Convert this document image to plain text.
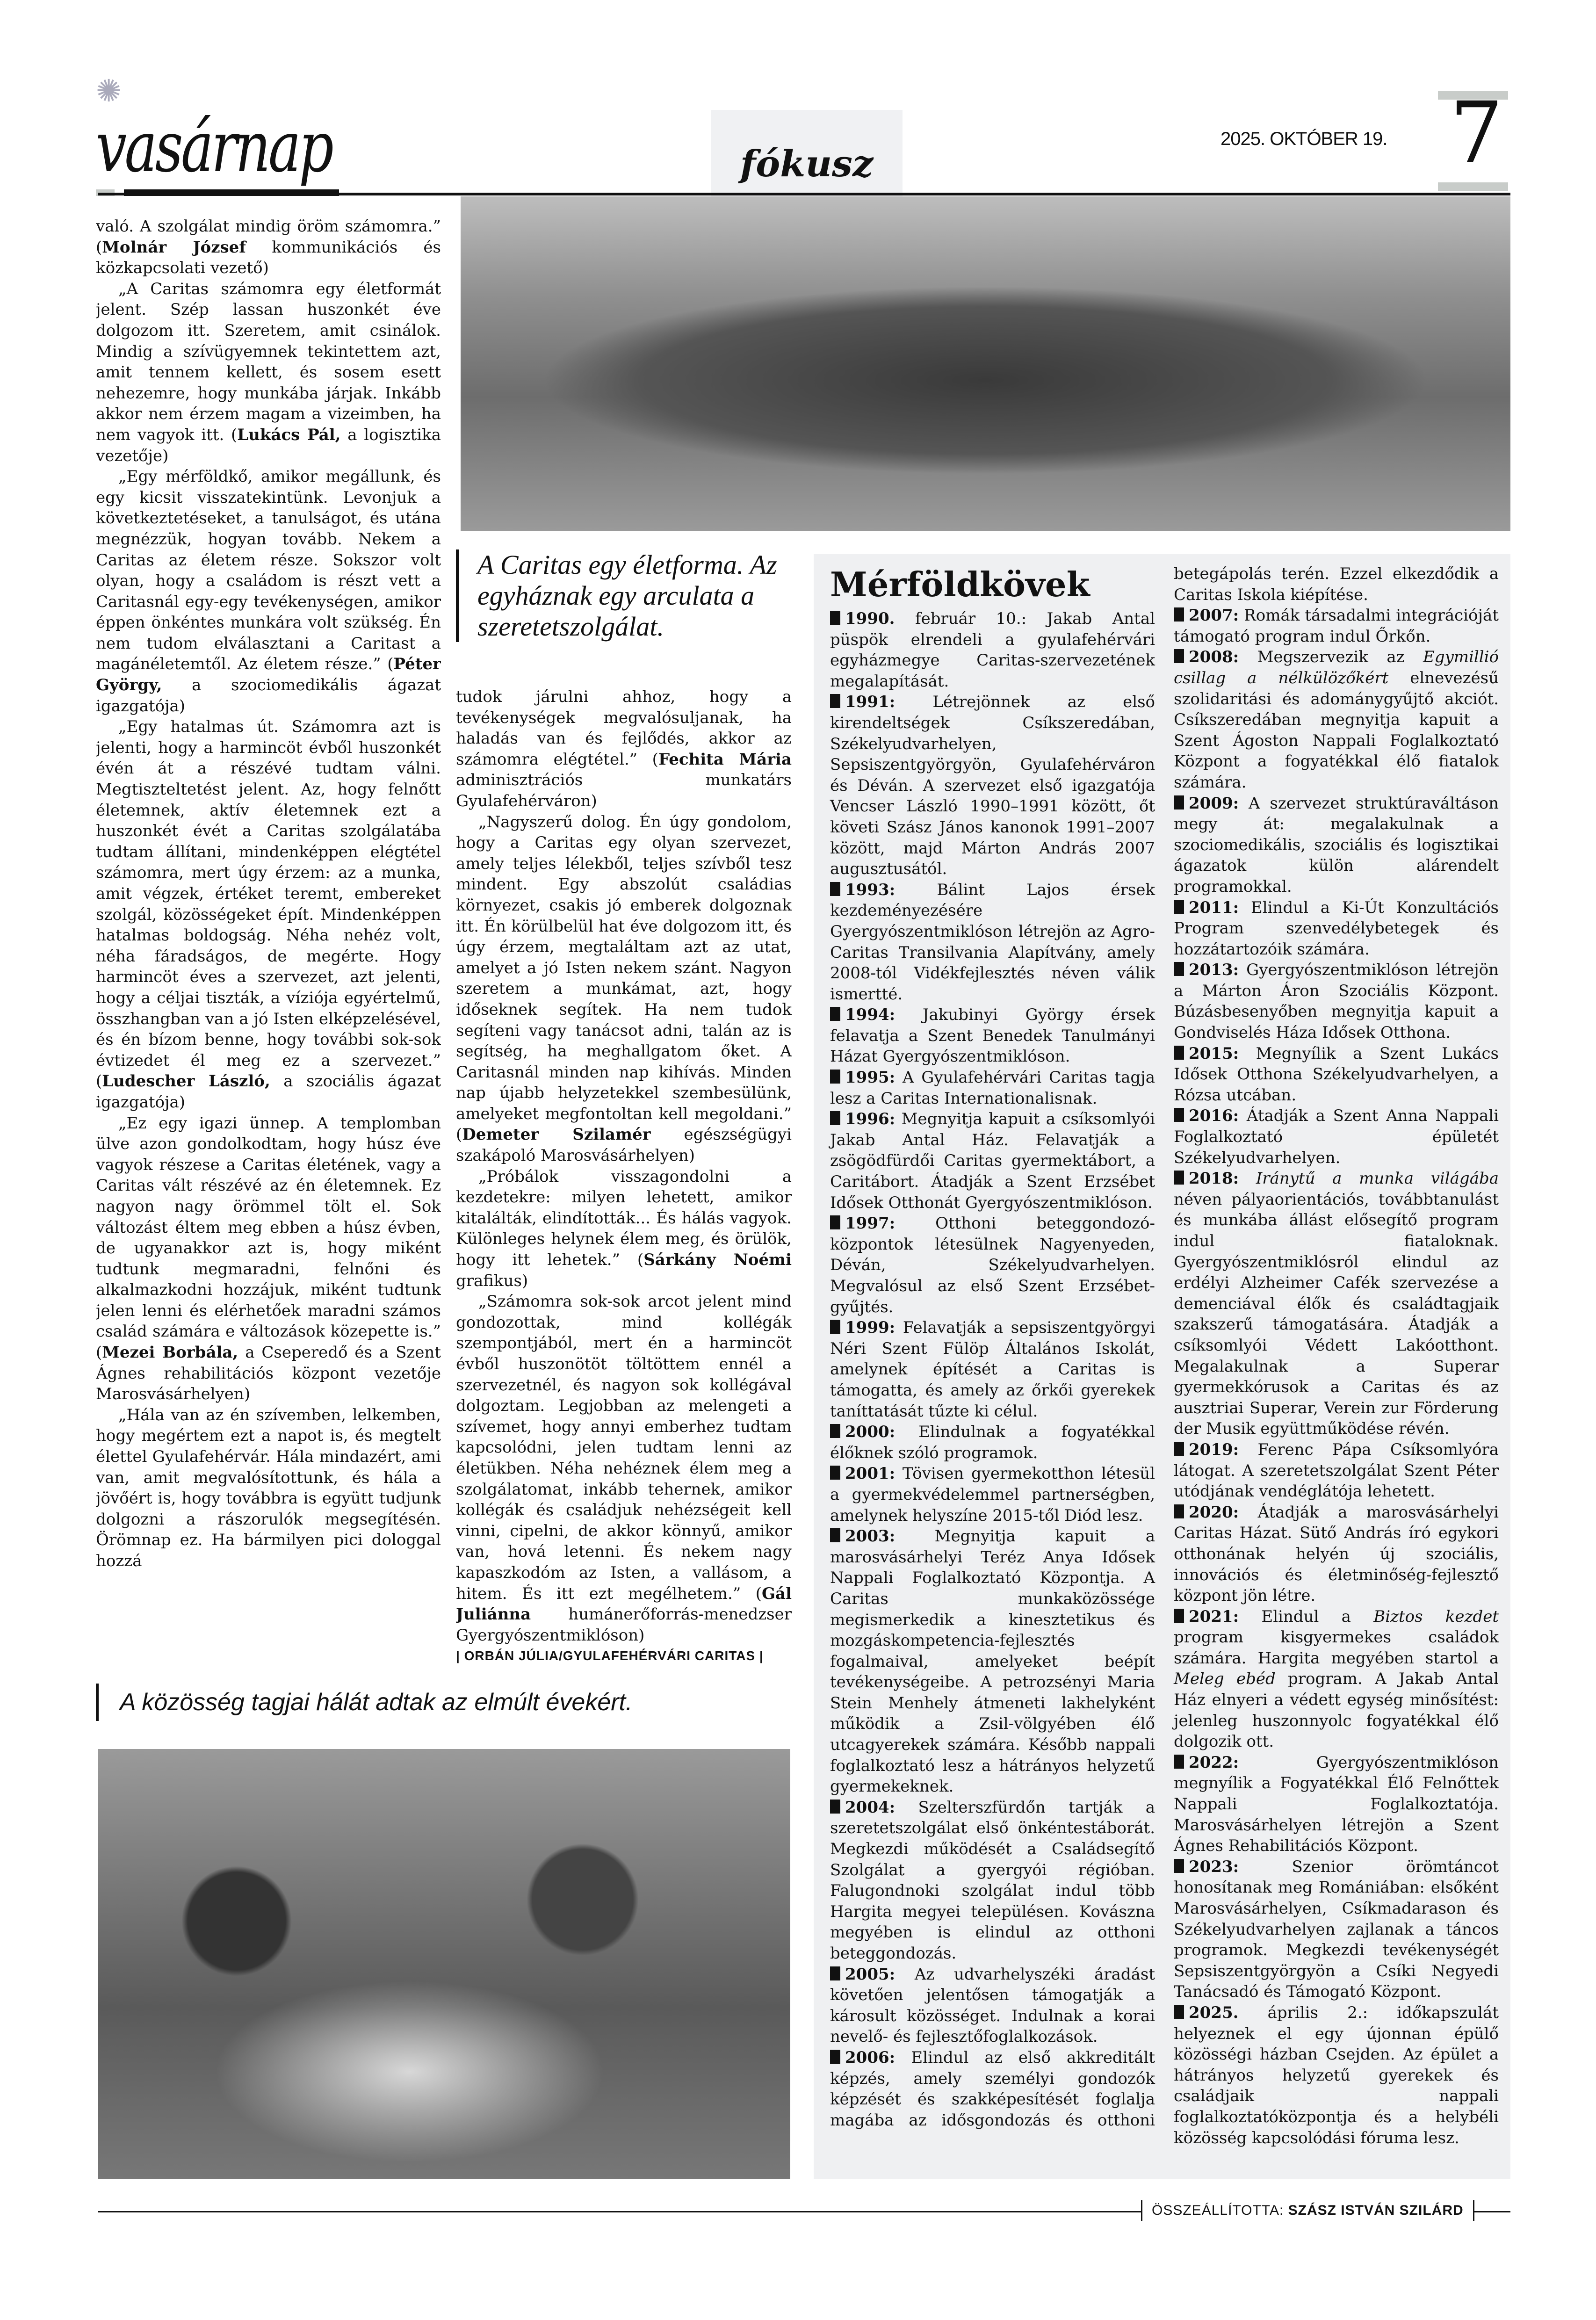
✺
vasárnap	fókusz
2025. OKTÓBER 19. 7

való. A szolgálat mindig öröm számomra.” (Molnár József kommunikációs és közkapcsolati vezető)

„A Caritas számomra egy életformát jelent. Szép lassan huszonkét éve dolgozom itt. Szeretem, amit csinálok. Mindig a szívügyemnek tekintettem azt, amit tennem kellett, és sosem esett nehezemre, hogy munkába járjak. Inkább akkor nem érzem magam a vizeimben, ha nem vagyok itt. (Lukács Pál, a logisztika vezetője)

„Egy mérföldkő, amikor megállunk, és egy kicsit visszatekintünk. Levonjuk a következtetéseket, a tanulságot, és utána megnézzük, hogyan tovább. Nekem a Caritas az életem része. Sokszor volt olyan, hogy a családom is részt vett a Caritasnál egy-egy tevékenységen, amikor éppen önkéntes munkára volt szükség. Én nem tudom elválasztani a Caritast a magánéletemtől. Az életem része.” (Péter György, a szociomedikális ágazat igazgatója)

„Egy hatalmas út. Számomra azt is jelenti, hogy a harmincöt évből huszonkét évén át a részévé tudtam válni. Megtiszteltetést jelent. Az, hogy felnőtt életemnek, aktív életemnek ezt a huszonkét évét a Caritas szolgálatába tudtam állítani, mindenképpen elégtétel számomra, mert úgy érzem: az a munka, amit végzek, értéket teremt, embereket szolgál, közösségeket épít. Mindenképpen hatalmas boldogság. Néha nehéz volt, néha fáradságos, de megérte. Hogy harmincöt éves a szervezet, azt jelenti, hogy a céljai tiszták, a víziója egyértelmű, összhangban van a jó Isten elképzelésével, és én bízom benne, hogy további sok-sok évtizedet él meg ez a szervezet.” (Ludescher László, a szociális ágazat igazgatója)

„Ez egy igazi ünnep. A templomban ülve azon gondolkodtam, hogy húsz éve vagyok részese a Caritas életének, vagy a Caritas vált részévé az én életemnek. Ez nagyon nagy örömmel tölt el. Sok változást éltem meg ebben a húsz évben, de ugyanakkor azt is, hogy miként tudtunk megmaradni, felnőni és alkalmazkodni hozzájuk, miként tudtunk jelen lenni és elérhetőek maradni számos család számára e változások közepette is.” (Mezei Borbála, a Cseperedő és a Szent Ágnes rehabilitációs központ vezetője Marosvásárhelyen)

„Hála van az én szívemben, lelkemben, hogy megértem ezt a napot is, és megtelt élettel Gyulafehérvár. Hála mindazért, ami van, amit megvalósítottunk, és hála a jövőért is, hogy továbbra is együtt tudjunk dolgozni a rászorulók megsegítésén. Örömnap ez. Ha bármilyen pici dologgal hozzá

A Caritas egy életforma. Az egyháznak egy arculata a szeretetszolgálat.

tudok járulni ahhoz, hogy a tevékenységek megvalósuljanak, ha haladás van és fejlődés, akkor az számomra elégtétel.” (Fechita Mária adminisztrációs munkatárs Gyulafehérváron)

„Nagyszerű dolog. Én úgy gondolom, hogy a Caritas egy olyan szervezet, amely teljes lélekből, teljes szívből tesz mindent. Egy abszolút családias környezet, csakis jó emberek dolgoznak itt. Én körülbelül hat éve dolgozom itt, és úgy érzem, megtaláltam azt az utat, amelyet a jó Isten nekem szánt. Nagyon szeretem a munkámat, azt, hogy időseknek segítek. Ha nem tudok segíteni vagy tanácsot adni, talán az is segítség, ha meghallgatom őket. A Caritasnál minden nap kihívás. Minden nap újabb helyzetekkel szembesülünk, amelyeket megfontoltan kell megoldani.” (Demeter Szilamér egészségügyi szakápoló Marosvásárhelyen)

„Próbálok visszagondolni a kezdetekre: milyen lehetett, amikor kitalálták, elindították... És hálás vagyok. Különleges helynek élem meg, és örülök, hogy itt lehetek.” (Sárkány Noémi grafikus)

„Számomra sok-sok arcot jelent mind gondozottak, mind kollégák szempontjából, mert én a harmincöt évből huszonötöt töltöttem ennél a szervezetnél, és nagyon sok kollégával dolgoztam. Legjobban az melengeti a szívemet, hogy annyi emberhez tudtam kapcsolódni, jelen tudtam lenni az életükben. Néha nehéznek élem meg a szolgálatomat, inkább tehernek, amikor kollégák és családjuk nehézségeit kell vinni, cipelni, de akkor könnyű, amikor van, hová letenni. És nekem nagy kapaszkodóm az Isten, a vallásom, a hitem. És itt ezt megélhetem.” (Gál Juliánna humánerőforrás-menedzser Gyergyószentmiklóson)

| ORBÁN JÚLIA/GYULAFEHÉRVÁRI CARITAS |

A közösség tagjai hálát adtak az elmúlt évekért.
Mérföldkövek

1990. február 10.: Jakab Antal püspök elrendeli a gyulafehérvári egyházmegye Caritas-szervezetének megalapítását.

1991: Létrejönnek az első kirendeltségek Csíkszeredában, Székelyudvarhelyen, Sepsiszentgyörgyön, Gyulafehérváron és Déván. A szervezet első igazgatója Vencser László 1990–1991 között, őt követi Szász János kanonok 1991–2007 között, majd Márton András 2007 augusztusától.

1993: Bálint Lajos érsek kezdeményezésére Gyergyószentmiklóson létrejön az Agro-Caritas Transilvania Alapítvány, amely 2008-tól Vidékfejlesztés néven válik ismertté.

1994: Jakubinyi György érsek felavatja a Szent Benedek Tanulmányi Házat Gyergyószentmiklóson.

1995: A Gyulafehérvári Caritas tagja lesz a Caritas Internationalisnak.

1996: Megnyitja kapuit a csíksomlyói Jakab Antal Ház. Felavatják a zsögödfürdői Caritas gyermektábort, a Caritábort. Átadják a Szent Erzsébet Idősek Otthonát Gyergyószentmiklóson.

1997: Otthoni beteggondozó-központok létesülnek Nagyenyeden, Déván, Székelyudvarhelyen. Megvalósul az első Szent Erzsébet-gyűjtés.

1999: Felavatják a sepsiszentgyörgyi Néri Szent Fülöp Általános Iskolát, amelynek építését a Caritas is támogatta, és amely az őrkői gyerekek taníttatását tűzte ki célul.

2000: Elindulnak a fogyatékkal élőknek szóló programok.

2001: Tövisen gyermekotthon létesül a gyermekvédelemmel partnerségben, amelynek helyszíne 2015-től Diód lesz.

2003: Megnyitja kapuit a marosvásárhelyi Teréz Anya Idősek Nappali Foglalkoztató Központja. A Caritas munkaközössége megismerkedik a kinesztetikus és mozgáskompetencia-fejlesztés fogalmaival, amelyeket beépít tevékenységeibe. A petrozsényi Maria Stein Menhely átmeneti lakhelyként működik a Zsil-völgyében élő utcagyerekek számára. Később nappali foglalkoztató lesz a hátrányos helyzetű gyermekeknek.

2004: Szelterszfürdőn tartják a szeretetszolgálat első önkéntestáborát. Megkezdi működését a Családsegítő Szolgálat a gyergyói régióban. Falugondnoki szolgálat indul több Hargita megyei településen. Kovászna megyében is elindul az otthoni beteggondozás.

2005: Az udvarhelyszéki áradást követően jelentősen támogatják a károsult közösséget. Indulnak a korai nevelő- és fejlesztőfoglalkozások.

2006: Elindul az első akkreditált képzés, amely személyi gondozók képzését és szakképesítését foglalja magába az idősgondozás és otthoni betegápolás terén. Ezzel elkezdődik a Caritas Iskola kiépítése.

2007: Romák társadalmi integrációját támogató program indul Őrkőn.

2008: Megszervezik az Egymillió csillag a nélkülözőkért elnevezésű szolidaritási és adománygyűjtő akciót. Csíkszeredában megnyitja kapuit a Szent Ágoston Nappali Foglalkoztató Központ a fogyatékkal élő fiatalok számára.

2009: A szervezet struktúraváltáson megy át: megalakulnak a szociomedikális, szociális és logisztikai ágazatok külön alárendelt programokkal.

2011: Elindul a Ki-Út Konzultációs Program szenvedélybetegek és hozzátartozóik számára.

2013: Gyergyószentmiklóson létrejön a Márton Áron Szociális Központ. Búzásbesenyőben megnyitja kapuit a Gondviselés Háza Idősek Otthona.

2015: Megnyílik a Szent Lukács Idősek Otthona Székelyudvarhelyen, a Rózsa utcában.

2016: Átadják a Szent Anna Nappali Foglalkoztató épületét Székelyudvarhelyen.

2018: Iránytű a munka világába néven pályaorientációs, továbbtanulást és munkába állást elősegítő program indul fiataloknak. Gyergyószentmiklósról elindul az erdélyi Alzheimer Cafék szervezése a demenciával élők és családtagjaik szakszerű támogatására. Átadják a csíksomlyói Védett Lakóotthont. Megalakulnak a Superar gyermekkórusok a Caritas és az ausztriai Superar, Verein zur Förderung der Musik együttműködése révén.

2019: Ferenc Pápa Csíksomlyóra látogat. A szeretetszolgálat Szent Péter utódjának vendéglátója lehetett.

2020: Átadják a marosvásárhelyi Caritas Házat. Sütő András író egykori otthonának helyén új szociális, innovációs és életminőség-fejlesztő központ jön létre.

2021: Elindul a Biztos kezdet program kisgyermekes családok számára. Hargita megyében startol a Meleg ebéd program. A Jakab Antal Ház elnyeri a védett egység minősítést: jelenleg huszonnyolc fogyatékkal élő dolgozik ott.

2022: Gyergyószentmiklóson megnyílik a Fogyatékkal Élő Felnőttek Nappali Foglalkoztatója. Marosvásárhelyen létrejön a Szent Ágnes Rehabilitációs Központ.

2023: Szenior örömtáncot honosítanak meg Romániában: elsőként Marosvásárhelyen, Csíkmadarason és Székelyudvarhelyen zajlanak a táncos programok. Megkezdi tevékenységét Sepsiszentgyörgyön a Csíki Negyedi Tanácsadó és Támogató Központ.

2025. április 2.: időkapszulát helyeznek el egy újonnan épülő közösségi házban Csejden. Az épület a hátrányos helyzetű gyerekek és családjaik nappali foglalkoztatóközpontja és a helybéli közösség kapcsolódási fóruma lesz.

ÖSSZEÁLLÍTOTTA: SZÁSZ ISTVÁN SZILÁRD
